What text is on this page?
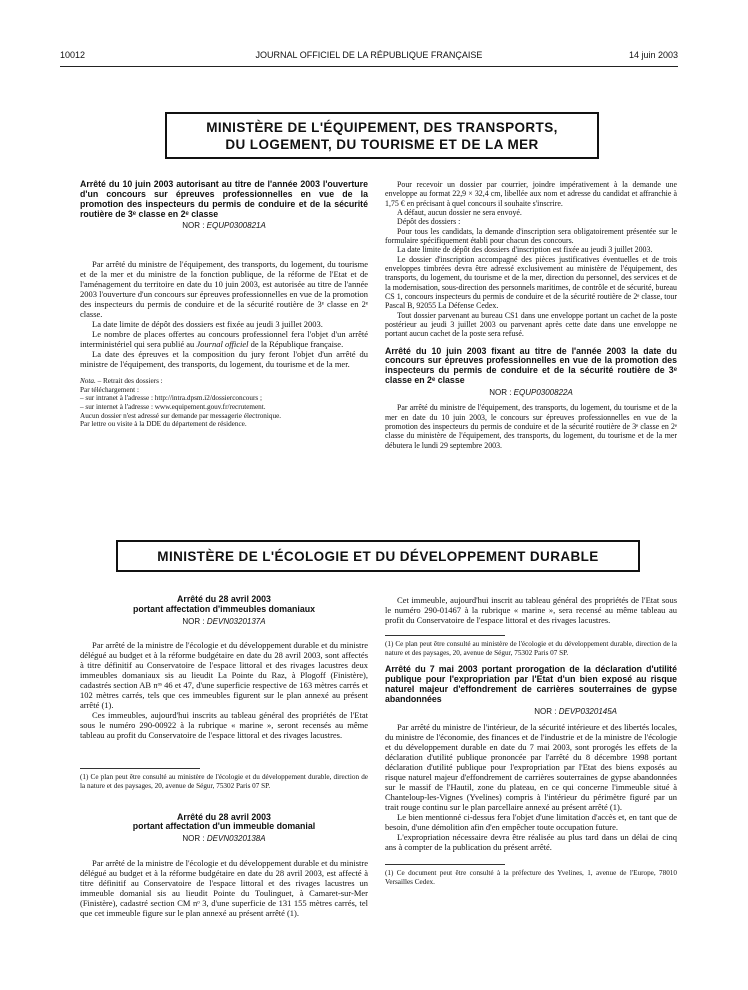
10012	JOURNAL OFFICIEL DE LA RÉPUBLIQUE FRANÇAISE	14 juin 2003
MINISTÈRE DE L'ÉQUIPEMENT, DES TRANSPORTS,
DU LOGEMENT, DU TOURISME ET DE LA MER

Arrêté du 10 juin 2003 autorisant au titre de l'année 2003 l'ouverture d'un concours sur épreuves professionnelles en vue de la promotion des inspecteurs du permis de conduire et de la sécurité routière de 3ᵉ classe en 2ᵉ classe

NOR : EQUP0300821A

Par arrêté du ministre de l'équipement, des transports, du logement, du tourisme et de la mer et du ministre de la fonction publique, de la réforme de l'Etat et de l'aménagement du territoire en date du 10 juin 2003, est autorisée au titre de l'année 2003 l'ouverture d'un concours sur épreuves professionnelles en vue de la promotion des inspecteurs du permis de conduire et de la sécurité routière de 3ᵉ classe en 2ᵉ classe.

La date limite de dépôt des dossiers est fixée au jeudi 3 juillet 2003.

Le nombre de places offertes au concours professionnel fera l'objet d'un arrêté interministériel qui sera publié au Journal officiel de la République française.

La date des épreuves et la composition du jury feront l'objet d'un arrêté du ministre de l'équipement, des transports, du logement, du tourisme et de la mer.

Nota. – Retrait des dossiers :

Par téléchargement :

– sur intranet à l'adresse : http://intra.dpsm.i2/dossierconcours ;

– sur internet à l'adresse : www.equipement.gouv.fr/recrutement.

Aucun dossier n'est adressé sur demande par messagerie électronique.

Par lettre ou visite à la DDE du département de résidence.

Pour recevoir un dossier par courrier, joindre impérativement à la demande une enveloppe au format 22,9 × 32,4 cm, libellée aux nom et adresse du candidat et affranchie à 1,75 € en précisant à quel concours il souhaite s'inscrire.

A défaut, aucun dossier ne sera envoyé.

Dépôt des dossiers :

Pour tous les candidats, la demande d'inscription sera obligatoirement présentée sur le formulaire spécifiquement établi pour chacun des concours.

La date limite de dépôt des dossiers d'inscription est fixée au jeudi 3 juillet 2003.

Le dossier d'inscription accompagné des pièces justificatives éventuelles et de trois enveloppes timbrées devra être adressé exclusivement au ministère de l'équipement, des transports, du logement, du tourisme et de la mer, direction du personnel, des services et de la modernisation, sous-direction des personnels maritimes, de contrôle et de sécurité, bureau CS 1, concours inspecteurs du permis de conduire et de la sécurité routière de 2ᵉ classe, tour Pascal B, 92055 La Défense Cedex.

Tout dossier parvenant au bureau CS1 dans une enveloppe portant un cachet de la poste postérieur au jeudi 3 juillet 2003 ou parvenant après cette date dans une enveloppe ne portant aucun cachet de la poste sera refusé.

Arrêté du 10 juin 2003 fixant au titre de l'année 2003 la date du concours sur épreuves professionnelles en vue de la promotion des inspecteurs du permis de conduire et de la sécurité routière de 3ᵉ classe en 2ᵉ classe

NOR : EQUP0300822A

Par arrêté du ministre de l'équipement, des transports, du logement, du tourisme et de la mer en date du 10 juin 2003, le concours sur épreuves professionnelles en vue de la promotion des inspecteurs du permis de conduire et de la sécurité routière de 3ᵉ classe en 2ᵉ classe du ministère de l'équipement, des transports, du logement, du tourisme et de la mer débutera le lundi 29 septembre 2003.

MINISTÈRE DE L'ÉCOLOGIE ET DU DÉVELOPPEMENT DURABLE

Arrêté du 28 avril 2003

portant affectation d'immeubles domaniaux

NOR : DEVN0320137A

Par arrêté de la ministre de l'écologie et du développement durable et du ministre délégué au budget et à la réforme budgétaire en date du 28 avril 2003, sont affectés à titre définitif au Conservatoire de l'espace littoral et des rivages lacustres deux immeubles domaniaux sis au lieudit La Pointe du Raz, à Plogoff (Finistère), cadastrés section AB nᵒˢ 46 et 47, d'une superficie respective de 163 mètres carrés et 102 mètres carrés, tels que ces immeubles figurent sur le plan annexé au présent arrêté (1).

Ces immeubles, aujourd'hui inscrits au tableau général des propriétés de l'Etat sous le numéro 290-00922 à la rubrique « marine », seront recensés au même tableau au profit du Conservatoire de l'espace littoral et des rivages lacustres.

(1) Ce plan peut être consulté au ministère de l'écologie et du développement durable, direction de la nature et des paysages, 20, avenue de Ségur, 75302 Paris 07 SP.

Arrêté du 28 avril 2003

portant affectation d'un immeuble domanial

NOR : DEVN0320138A

Par arrêté de la ministre de l'écologie et du développement durable et du ministre délégué au budget et à la réforme budgétaire en date du 28 avril 2003, est affecté à titre définitif au Conservatoire de l'espace littoral et des rivages lacustres un immeuble domanial sis au lieudit Pointe du Toulinguet, à Camaret-sur-Mer (Finistère), cadastré section CM nᵒ 3, d'une superficie de 131 155 mètres carrés, tel que cet immeuble figure sur le plan annexé au présent arrêté (1).

Cet immeuble, aujourd'hui inscrit au tableau général des propriétés de l'Etat sous le numéro 290-01467 à la rubrique « marine », sera recensé au même tableau au profit du Conservatoire de l'espace littoral et des rivages lacustres.

(1) Ce plan peut être consulté au ministère de l'écologie et du développement durable, direction de la nature et des paysages, 20, avenue de Ségur, 75302 Paris 07 SP.

Arrêté du 7 mai 2003 portant prorogation de la déclaration d'utilité publique pour l'expropriation par l'Etat d'un bien exposé au risque naturel majeur d'effondrement de carrières souterraines de gypse abandonnées

NOR : DEVP0320145A

Par arrêté du ministre de l'intérieur, de la sécurité intérieure et des libertés locales, du ministre de l'économie, des finances et de l'industrie et de la ministre de l'écologie et du développement durable en date du 7 mai 2003, sont prorogés les effets de la déclaration d'utilité publique prononcée par l'arrêté du 8 décembre 1998 portant déclaration d'utilité publique pour l'expropriation par l'Etat des biens exposés au risque naturel majeur d'effondrement de carrières souterraines de gypse abandonnées sur le massif de l'Hautil, zone du plateau, en ce qui concerne l'immeuble situé à Chanteloup-les-Vignes (Yvelines) compris à l'intérieur du périmètre figuré par un trait rouge continu sur le plan parcellaire annexé au présent arrêté (1).

Le bien mentionné ci-dessus fera l'objet d'une limitation d'accès et, en tant que de besoin, d'une démolition afin d'en empêcher toute occupation future.

L'expropriation nécessaire devra être réalisée au plus tard dans un délai de cinq ans à compter de la publication du présent arrêté.

(1) Ce document peut être consulté à la préfecture des Yvelines, 1, avenue de l'Europe, 78010 Versailles Cedex.
